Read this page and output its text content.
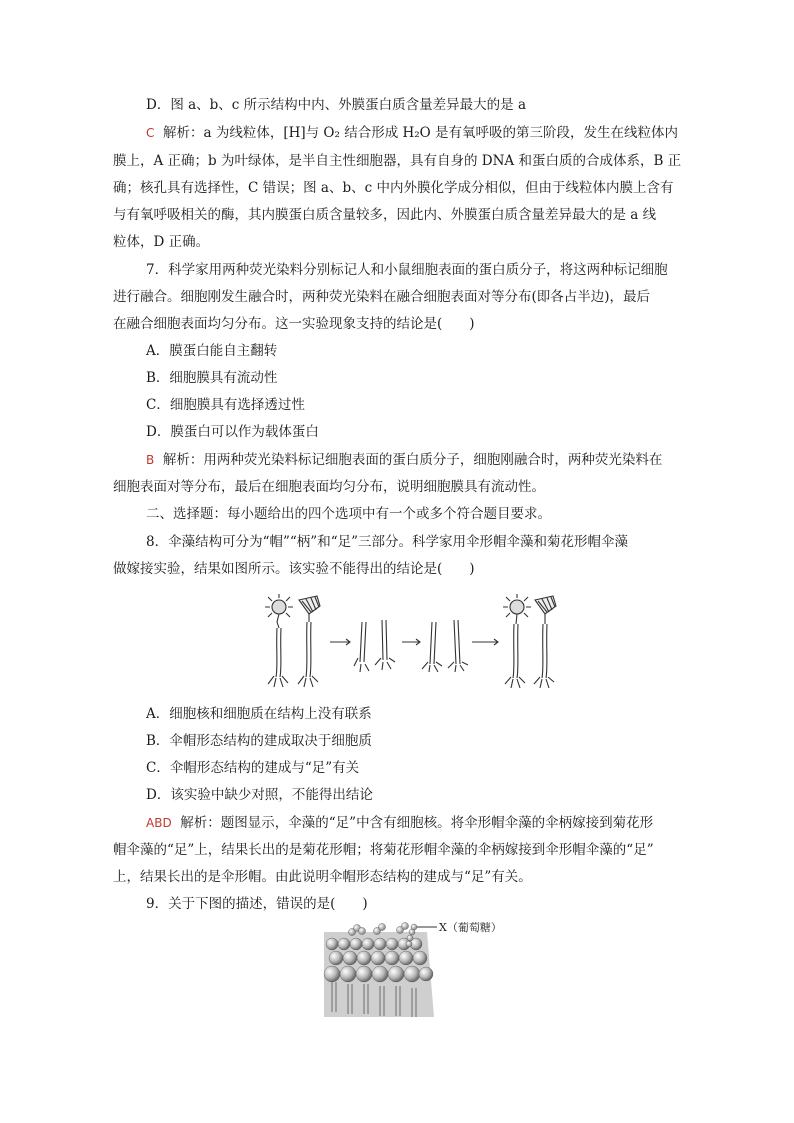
D．图 a、b、c 所示结构中内、外膜蛋白质含量差异最大的是 a
C 解析：a 为线粒体，[H]与 O₂ 结合形成 H₂O 是有氧呼吸的第三阶段，发生在线粒体内
膜上，A 正确；b 为叶绿体，是半自主性细胞器，具有自身的 DNA 和蛋白质的合成体系，B 正
确；核孔具有选择性，C 错误；图 a、b、c 中内外膜化学成分相似，但由于线粒体内膜上含有
与有氧呼吸相关的酶，其内膜蛋白质含量较多，因此内、外膜蛋白质含量差异最大的是 a 线
粒体，D 正确。
7．科学家用两种荧光染料分别标记人和小鼠细胞表面的蛋白质分子，将这两种标记细胞
进行融合。细胞刚发生融合时，两种荧光染料在融合细胞表面对等分布(即各占半边)，最后
在融合细胞表面均匀分布。这一实验现象支持的结论是(　　)
A．膜蛋白能自主翻转
B．细胞膜具有流动性
C．细胞膜具有选择透过性
D．膜蛋白可以作为载体蛋白
B 解析：用两种荧光染料标记细胞表面的蛋白质分子，细胞刚融合时，两种荧光染料在
细胞表面对等分布，最后在细胞表面均匀分布，说明细胞膜具有流动性。
二、选择题：每小题给出的四个选项中有一个或多个符合题目要求。
8．伞藻结构可分为“帽”“柄”和“足”三部分。科学家用伞形帽伞藻和菊花形帽伞藻
做嫁接实验，结果如图所示。该实验不能得出的结论是(　　)
A．细胞核和细胞质在结构上没有联系
B．伞帽形态结构的建成取决于细胞质
C．伞帽形态结构的建成与“足”有关
D．该实验中缺少对照，不能得出结论
ABD 解析：题图显示，伞藻的“足”中含有细胞核。将伞形帽伞藻的伞柄嫁接到菊花形
帽伞藻的“足”上，结果长出的是菊花形帽；将菊花形帽伞藻的伞柄嫁接到伞形帽伞藻的“足”
上，结果长出的是伞形帽。由此说明伞帽形态结构的建成与“足”有关。
9．关于下图的描述，错误的是(　　)
X（葡萄糖）
